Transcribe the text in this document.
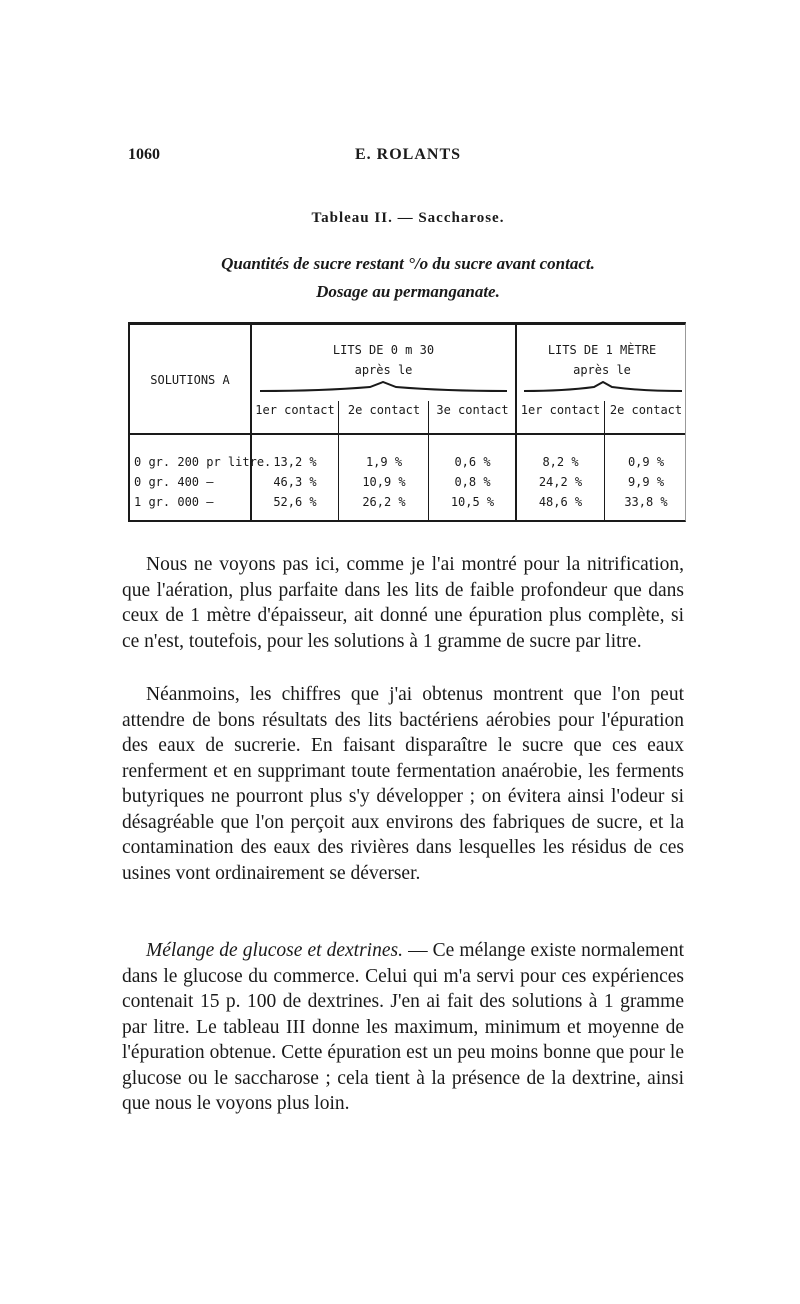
1060	E. ROLANTS
Tableau II. — Saccharose.
Quantités de sucre restant °/o du sucre avant contact.
Dosage au permanganate.
SOLUTIONS A
LITS DE 0 m 30
après le
LITS DE 1 MÈTRE
après le
1er contact	2e contact	3e contact	1er contact 2e contact
0 gr. 200 pr litre. 13,2 %	1,9 %	0,6 %	8,2 %	0,9 %
0 gr. 400 —	46,3 %	10,9 %	0,8 %	24,2 %	9,9 %
1 gr. 000 —	52,6 %	26,2 %	10,5 %	48,6 %	33,8 %

Nous ne voyons pas ici, comme je l'ai montré pour la nitrification, que l'aération, plus parfaite dans les lits de faible profondeur que dans ceux de 1 mètre d'épaisseur, ait donné une épuration plus complète, si ce n'est, toutefois, pour les solutions à 1 gramme de sucre par litre.

Néanmoins, les chiffres que j'ai obtenus montrent que l'on peut attendre de bons résultats des lits bactériens aérobies pour l'épuration des eaux de sucrerie. En faisant disparaître le sucre que ces eaux renferment et en supprimant toute fermentation anaérobie, les ferments butyriques ne pourront plus s'y développer ; on évitera ainsi l'odeur si désagréable que l'on perçoit aux environs des fabriques de sucre, et la contamination des eaux des rivières dans lesquelles les résidus de ces usines vont ordinairement se déverser.

Mélange de glucose et dextrines. — Ce mélange existe normalement dans le glucose du commerce. Celui qui m'a servi pour ces expériences contenait 15 p. 100 de dextrines. J'en ai fait des solutions à 1 gramme par litre. Le tableau III donne les maximum, minimum et moyenne de l'épuration obtenue. Cette épuration est un peu moins bonne que pour le glucose ou le saccharose ; cela tient à la présence de la dextrine, ainsi que nous le voyons plus loin.
